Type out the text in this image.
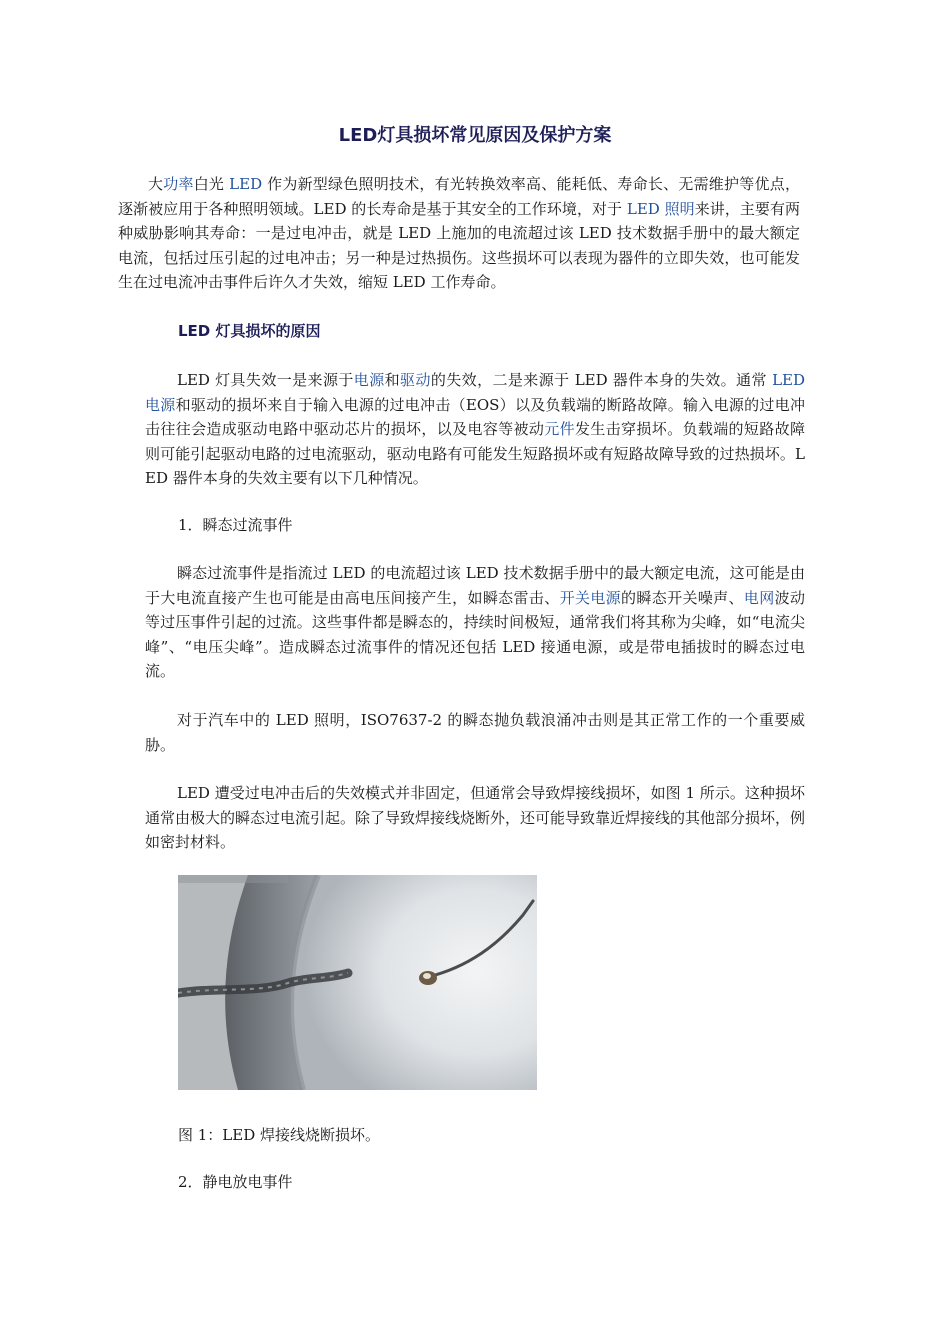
LED灯具损坏常见原因及保护方案

大功率白光 LED 作为新型绿色照明技术，有光转换效率高、能耗低、寿命长、无需维护等优点，逐渐被应用于各种照明领域。LED 的长寿命是基于其安全的工作环境，对于 LED 照明来讲，主要有两种威胁影响其寿命：一是过电冲击，就是 LED 上施加的电流超过该 LED 技术数据手册中的最大额定电流，包括过压引起的过电冲击；另一种是过热损伤。这些损坏可以表现为器件的立即失效，也可能发生在过电流冲击事件后许久才失效，缩短 LED 工作寿命。

LED 灯具损坏的原因

LED 灯具失效一是来源于电源和驱动的失效，二是来源于 LED 器件本身的失效。通常 LED 电源和驱动的损坏来自于输入电源的过电冲击（EOS）以及负载端的断路故障。输入电源的过电冲击往往会造成驱动电路中驱动芯片的损坏，以及电容等被动元件发生击穿损坏。负载端的短路故障则可能引起驱动电路的过电流驱动，驱动电路有可能发生短路损坏或有短路故障导致的过热损坏。LED 器件本身的失效主要有以下几种情况。

1．瞬态过流事件

瞬态过流事件是指流过 LED 的电流超过该 LED 技术数据手册中的最大额定电流，这可能是由于大电流直接产生也可能是由高电压间接产生，如瞬态雷击、开关电源的瞬态开关噪声、电网波动等过压事件引起的过流。这些事件都是瞬态的，持续时间极短，通常我们将其称为尖峰，如“电流尖峰”、“电压尖峰”。造成瞬态过流事件的情况还包括 LED 接通电源，或是带电插拔时的瞬态过电流。

对于汽车中的 LED 照明，ISO7637-2 的瞬态抛负载浪涌冲击则是其正常工作的一个重要威胁。

LED 遭受过电冲击后的失效模式并非固定，但通常会导致焊接线损坏，如图 1 所示。这种损坏通常由极大的瞬态过电流引起。除了导致焊接线烧断外，还可能导致靠近焊接线的其他部分损坏，例如密封材料。

图 1：LED 焊接线烧断损坏。
2．静电放电事件
